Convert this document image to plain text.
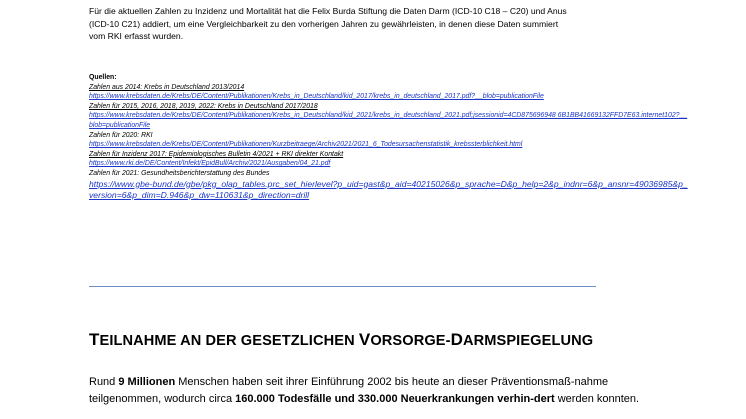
Für die aktuellen Zahlen zu Inzidenz und Mortalität hat die Felix Burda Stiftung die Daten Darm (ICD-10 C18 – C20) und Anus

(ICD-10 C21) addiert, um eine Vergleichbarkeit zu den vorherigen Jahren zu gewährleisten, in denen diese Daten summiert

vom RKI erfasst wurden.

Quellen:
Zahlen aus 2014: Krebs in Deutschland 2013/2014
https://www.krebsdaten.de/Krebs/DE/Content/Publikationen/Krebs_in_Deutschland/kid_2017/krebs_in_deutschland_2017.pdf?__blob=publicationFile
Zahlen für 2015, 2016, 2018, 2019, 2022: Krebs in Deutschland 2017/2018
https://www.krebsdaten.de/Krebs/DE/Content/Publikationen/Krebs_in_Deutschland/kid_2021/krebs_in_deutschland_2021.pdf;jsessionid=4CD875696948 6B1BB41669132FFD7E63.internet102?__blob=publicationFile
Zahlen für 2020: RKI
https://www.krebsdaten.de/Krebs/DE/Content/Publikationen/Kurzbeitraege/Archiv2021/2021_6_Todesursachenstatistik_krebssterblichkeit.html
Zahlen für Inzidenz 2017: Epidemiologisches Bulletin 4/2021 + RKI direkter Kontakt
https://www.rki.de/DE/Content/Infekt/EpidBull/Archiv/2021/Ausgaben/04_21.pdf
Zahlen für 2021: Gesundheitsberichterstattung des Bundes
https://www.gbe-bund.de/gbe/pkg_olap_tables.prc_set_hierlevel?p_uid=gast&p_aid=40215026&p_sprache=D&p_help=2&p_indnr=6&p_ansnr=49036985&p_version=6&p_dim=D.946&p_dw=110631&p_direction=drill
TEILNAHME AN DER GESETZLICHEN VORSORGE-DARMSPIEGELUNG

Rund 9 Millionen Menschen haben seit ihrer Einführung 2002 bis heute an dieser Präventionsmaß-nahme teilgenommen, wodurch circa 160.000 Todesfälle und 330.000 Neuerkrankungen verhin-dert werden konnten.
